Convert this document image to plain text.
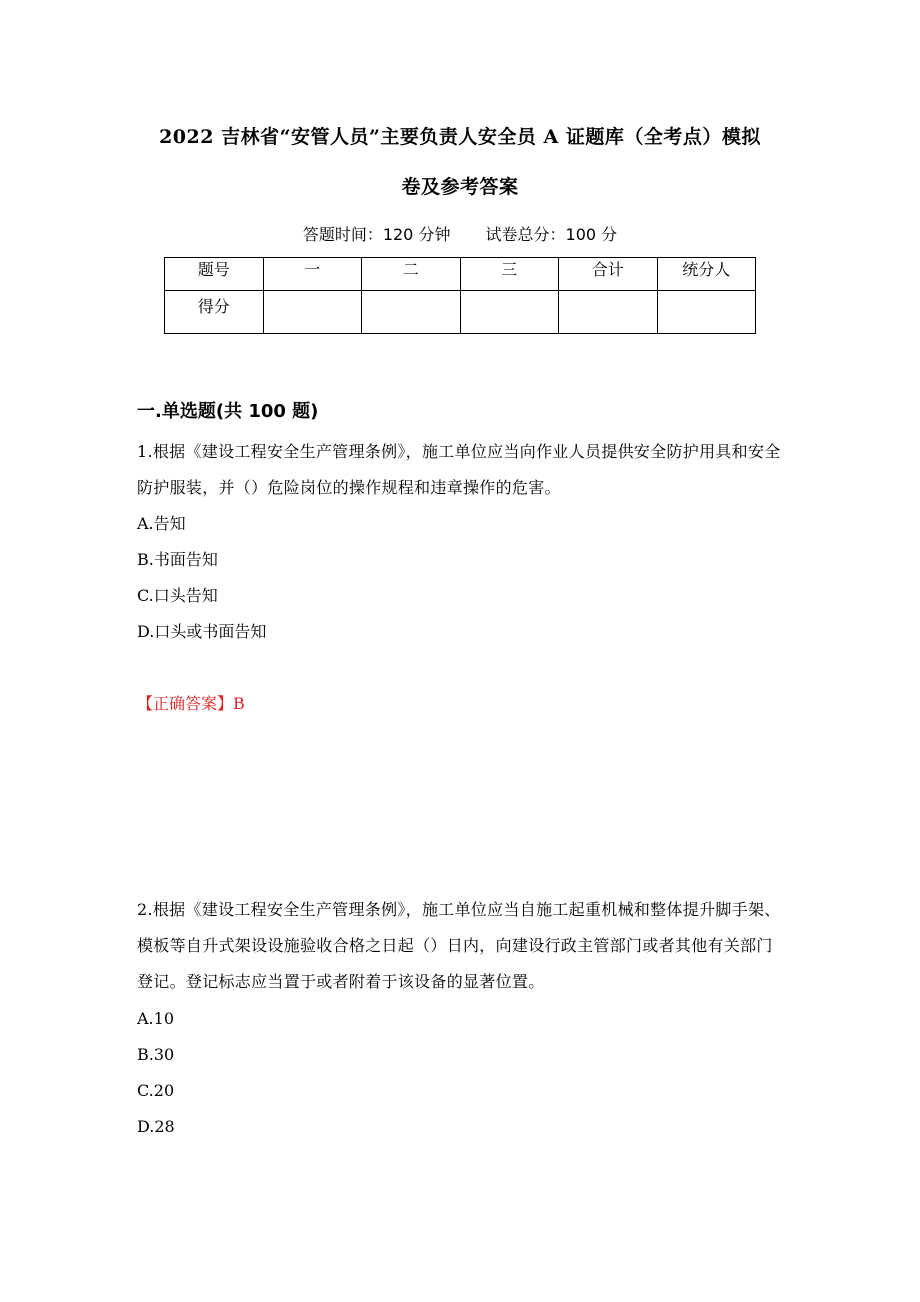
2022 吉林省“安管人员”主要负责人安全员 A 证题库（全考点）模拟
卷及参考答案
答题时间：120 分钟 试卷总分：100 分
题号	一	二	三	合计	统分人
得分					
一.单选题(共 100 题)
1.根据《建设工程安全生产管理条例》，施工单位应当向作业人员提供安全防护用具和安全防护服装，并（）危险岗位的操作规程和违章操作的危害。
A.告知
B.书面告知
C.口头告知
D.口头或书面告知
【正确答案】B
2.根据《建设工程安全生产管理条例》，施工单位应当自施工起重机械和整体提升脚手架、模板等自升式架设设施验收合格之日起（）日内，向建设行政主管部门或者其他有关部门登记。登记标志应当置于或者附着于该设备的显著位置。
A.10
B.30
C.20
D.28
